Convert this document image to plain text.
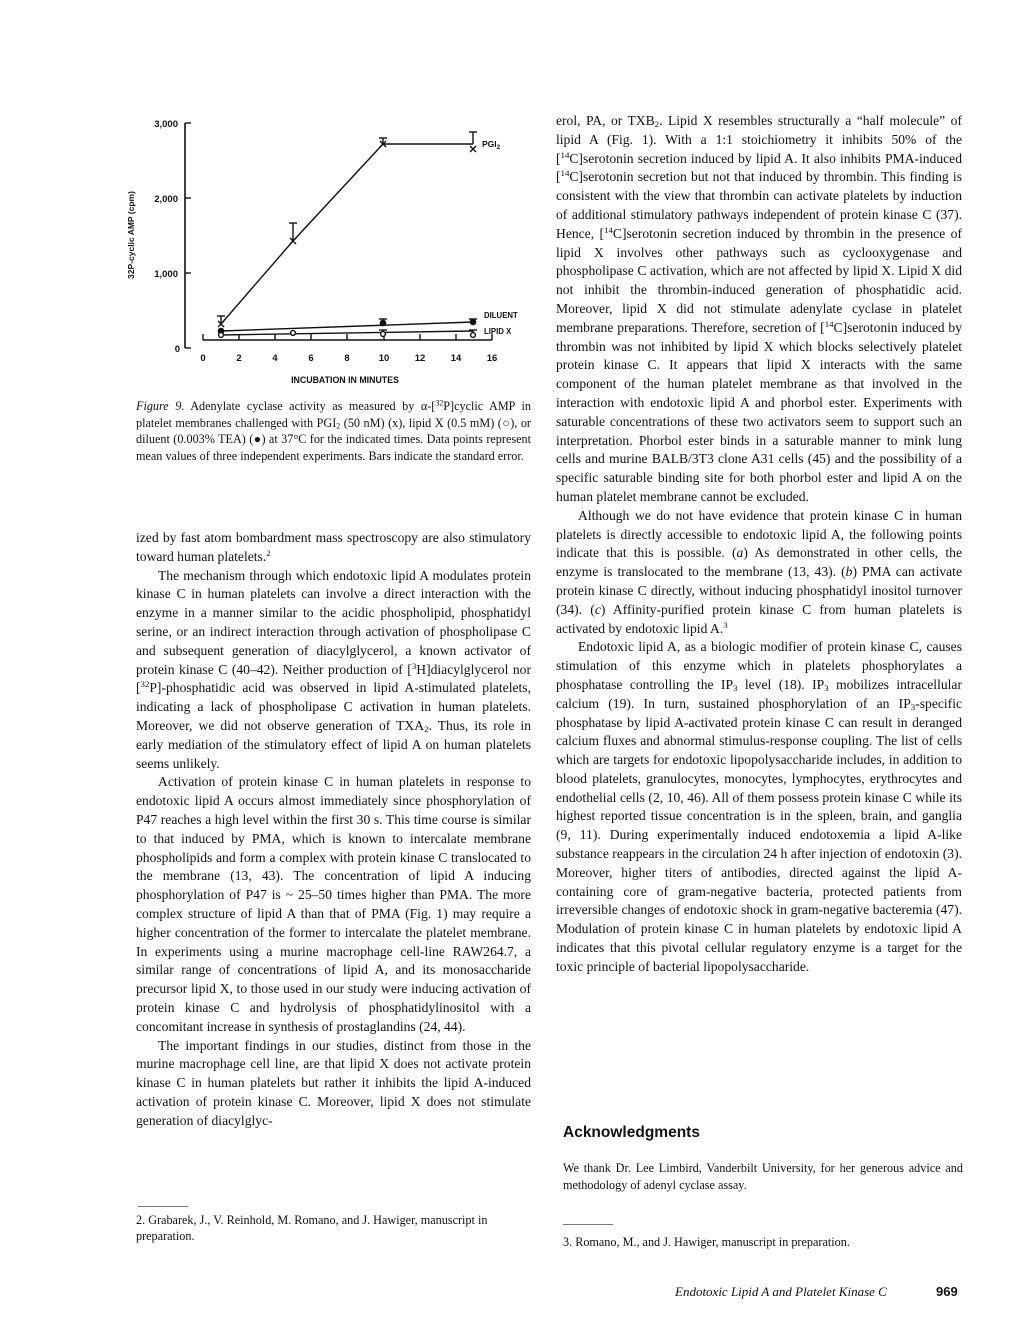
3,000
2,000
1,000
0
32P-cyclic AMP (cpm)
0	2	4	6	8	10	12	14	16
INCUBATION IN MINUTES
$PGI_2$
DILUENT
LIPID X
Figure 9. Adenylate cyclase activity as measured by α-[$^{32}$P]cyclic AMP in platelet membranes challenged with $PGI_2$ (50 nM) (x), lipid X (0.5 mM) (○), or diluent (0.003% TEA) (●) at 37°C for the indicated times. Data points represent mean values of three independent experiments. Bars indicate the standard error.

ized by fast atom bombardment mass spectroscopy are also stimulatory toward human platelets.$^2$

The mechanism through which endotoxic lipid A modulates protein kinase C in human platelets can involve a direct interaction with the enzyme in a manner similar to the acidic phospholipid, phosphatidyl serine, or an indirect interaction through activation of phospholipase C and subsequent generation of diacylglycerol, a known activator of protein kinase C (40–42). Neither production of [$^3$H]diacylglycerol nor [$^{32}$P]-phosphatidic acid was observed in lipid A-stimulated platelets, indicating a lack of phospholipase C activation in human platelets. Moreover, we did not observe generation of $TXA_2$. Thus, its role in early mediation of the stimulatory effect of lipid A on human platelets seems unlikely.

Activation of protein kinase C in human platelets in response to endotoxic lipid A occurs almost immediately since phosphorylation of P47 reaches a high level within the first 30 s. This time course is similar to that induced by PMA, which is known to intercalate membrane phospholipids and form a complex with protein kinase C translocated to the membrane (13, 43). The concentration of lipid A inducing phosphorylation of P47 is ~ 25–50 times higher than PMA. The more complex structure of lipid A than that of PMA (Fig. 1) may require a higher concentration of the former to intercalate the platelet membrane. In experiments using a murine macrophage cell-line RAW264.7, a similar range of concentrations of lipid A, and its monosaccharide precursor lipid X, to those used in our study were inducing activation of protein kinase C and hydrolysis of phosphatidylinositol with a concomitant increase in synthesis of prostaglandins (24, 44).

The important findings in our studies, distinct from those in the murine macrophage cell line, are that lipid X does not activate protein kinase C in human platelets but rather it inhibits the lipid A-induced activation of protein kinase C. Moreover, lipid X does not stimulate generation of diacylglyc-

2. Grabarek, J., V. Reinhold, M. Romano, and J. Hawiger, manuscript in preparation.

erol, PA, or $TXB_2$. Lipid X resembles structurally a “half molecule” of lipid A (Fig. 1). With a 1:1 stoichiometry it inhibits 50% of the [$^{14}$C]serotonin secretion induced by lipid A. It also inhibits PMA-induced [$^{14}$C]serotonin secretion but not that induced by thrombin. This finding is consistent with the view that thrombin can activate platelets by induction of additional stimulatory pathways independent of protein kinase C (37). Hence, [$^{14}$C]serotonin secretion induced by thrombin in the presence of lipid X involves other pathways such as cyclooxygenase and phospholipase C activation, which are not affected by lipid X. Lipid X did not inhibit the thrombin-induced generation of phosphatidic acid. Moreover, lipid X did not stimulate adenylate cyclase in platelet membrane preparations. Therefore, secretion of [$^{14}$C]serotonin induced by thrombin was not inhibited by lipid X which blocks selectively platelet protein kinase C. It appears that lipid X interacts with the same component of the human platelet membrane as that involved in the interaction with endotoxic lipid A and phorbol ester. Experiments with saturable concentrations of these two activators seem to support such an interpretation. Phorbol ester binds in a saturable manner to mink lung cells and murine BALB/3T3 clone A31 cells (45) and the possibility of a specific saturable binding site for both phorbol ester and lipid A on the human platelet membrane cannot be excluded.

Although we do not have evidence that protein kinase C in human platelets is directly accessible to endotoxic lipid A, the following points indicate that this is possible. (a) As demonstrated in other cells, the enzyme is translocated to the membrane (13, 43). (b) PMA can activate protein kinase C directly, without inducing phosphatidyl inositol turnover (34). (c) Affinity-purified protein kinase C from human platelets is activated by endotoxic lipid A.$^3$

Endotoxic lipid A, as a biologic modifier of protein kinase C, causes stimulation of this enzyme which in platelets phosphorylates a phosphatase controlling the $IP_3$ level (18). $IP_3$ mobilizes intracellular calcium (19). In turn, sustained phosphorylation of an $IP_3$-specific phosphatase by lipid A-activated protein kinase C can result in deranged calcium fluxes and abnormal stimulus-response coupling. The list of cells which are targets for endotoxic lipopolysaccharide includes, in addition to blood platelets, granulocytes, monocytes, lymphocytes, erythrocytes and endothelial cells (2, 10, 46). All of them possess protein kinase C while its highest reported tissue concentration is in the spleen, brain, and ganglia (9, 11). During experimentally induced endotoxemia a lipid A-like substance reappears in the circulation 24 h after injection of endotoxin (3). Moreover, higher titers of antibodies, directed against the lipid A-containing core of gram-negative bacteria, protected patients from irreversible changes of endotoxic shock in gram-negative bacteremia (47). Modulation of protein kinase C in human platelets by endotoxic lipid A indicates that this pivotal cellular regulatory enzyme is a target for the toxic principle of bacterial lipopolysaccharide.

Acknowledgments
We thank Dr. Lee Limbird, Vanderbilt University, for her generous advice and methodology of adenyl cyclase assay.
3. Romano, M., and J. Hawiger, manuscript in preparation.
Endotoxic Lipid A and Platelet Kinase C	969
